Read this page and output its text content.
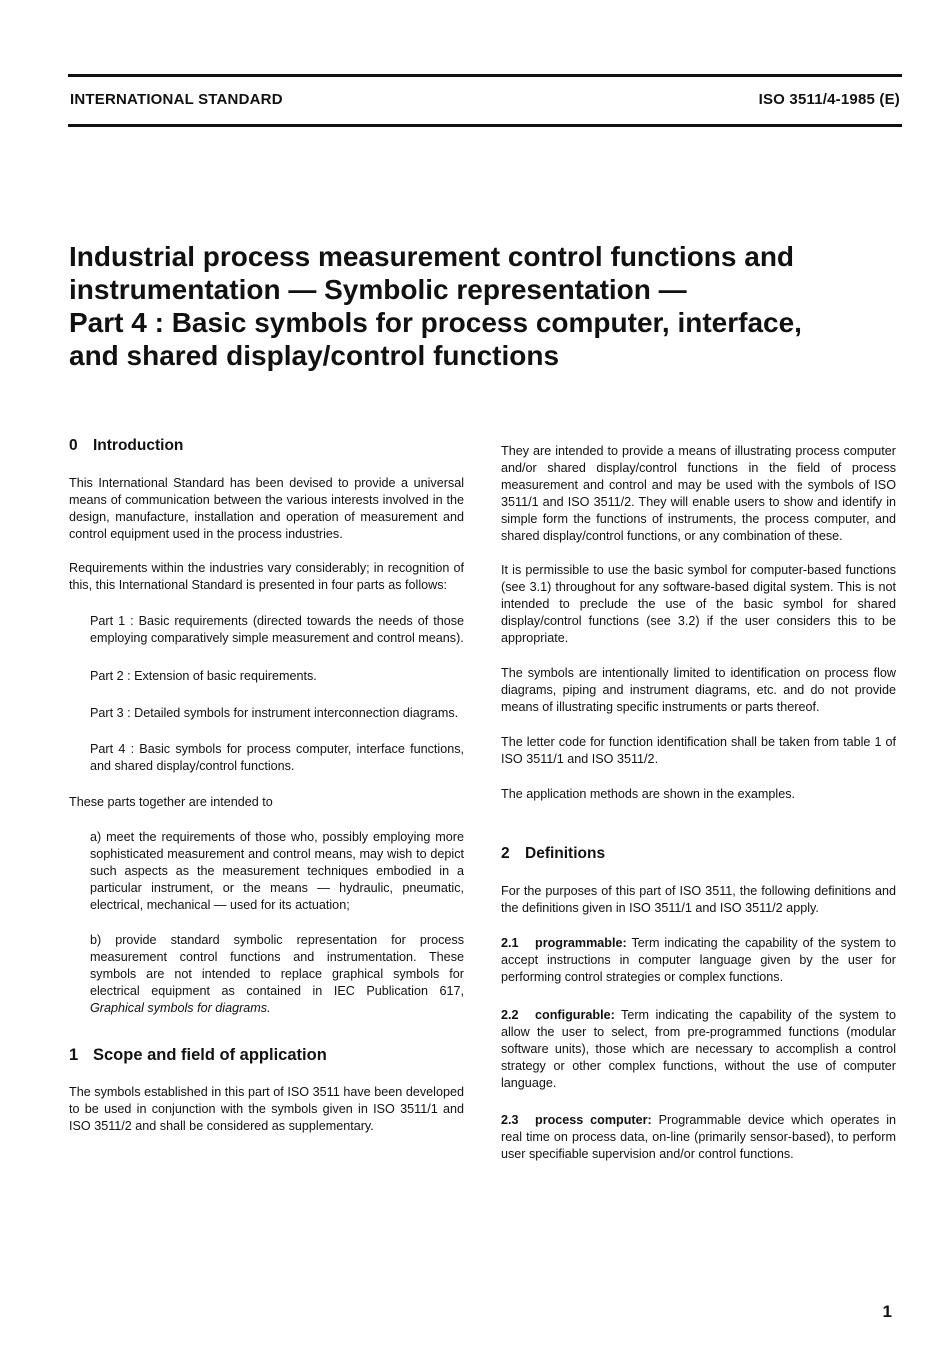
INTERNATIONAL STANDARD	ISO 3511/4-1985 (E)
Industrial process measurement control functions and
instrumentation — Symbolic representation —
Part 4 : Basic symbols for process computer, interface,
and shared display/control functions
0 Introduction

This International Standard has been devised to provide a universal means of communication between the various interests involved in the design, manufacture, installation and operation of measurement and control equipment used in the process industries.

Requirements within the industries vary considerably; in recognition of this, this International Standard is presented in four parts as follows:

Part 1 : Basic requirements (directed towards the needs of those employing comparatively simple measurement and control means).

Part 2 : Extension of basic requirements.

Part 3 : Detailed symbols for instrument interconnection diagrams.

Part 4 : Basic symbols for process computer, interface functions, and shared display/control functions.

These parts together are intended to

a) meet the requirements of those who, possibly employing more sophisticated measurement and control means, may wish to depict such aspects as the measurement techniques embodied in a particular instrument, or the means — hydraulic, pneumatic, electrical, mechanical — used for its actuation;

b) provide standard symbolic representation for process measurement control functions and instrumentation. These symbols are not intended to replace graphical symbols for electrical equipment as contained in IEC Publication 617, Graphical symbols for diagrams.

1 Scope and field of application

The symbols established in this part of ISO 3511 have been developed to be used in conjunction with the symbols given in ISO 3511/1 and ISO 3511/2 and shall be considered as supplementary.

They are intended to provide a means of illustrating process computer and/or shared display/control functions in the field of process measurement and control and may be used with the symbols of ISO 3511/1 and ISO 3511/2. They will enable users to show and identify in simple form the functions of instruments, the process computer, and shared display/control functions, or any combination of these.

It is permissible to use the basic symbol for computer-based functions (see 3.1) throughout for any software-based digital system. This is not intended to preclude the use of the basic symbol for shared display/control functions (see 3.2) if the user considers this to be appropriate.

The symbols are intentionally limited to identification on process flow diagrams, piping and instrument diagrams, etc. and do not provide means of illustrating specific instruments or parts thereof.

The letter code for function identification shall be taken from table 1 of ISO 3511/1 and ISO 3511/2.

The application methods are shown in the examples.

2 Definitions

For the purposes of this part of ISO 3511, the following definitions and the definitions given in ISO 3511/1 and ISO 3511/2 apply.

2.1 programmable: Term indicating the capability of the system to accept instructions in computer language given by the user for performing control strategies or complex functions.

2.2 configurable: Term indicating the capability of the system to allow the user to select, from pre-programmed functions (modular software units), those which are necessary to accomplish a control strategy or other complex functions, without the use of computer language.

2.3 process computer: Programmable device which operates in real time on process data, on-line (primarily sensor-based), to perform user specifiable supervision and/or control functions.

1
